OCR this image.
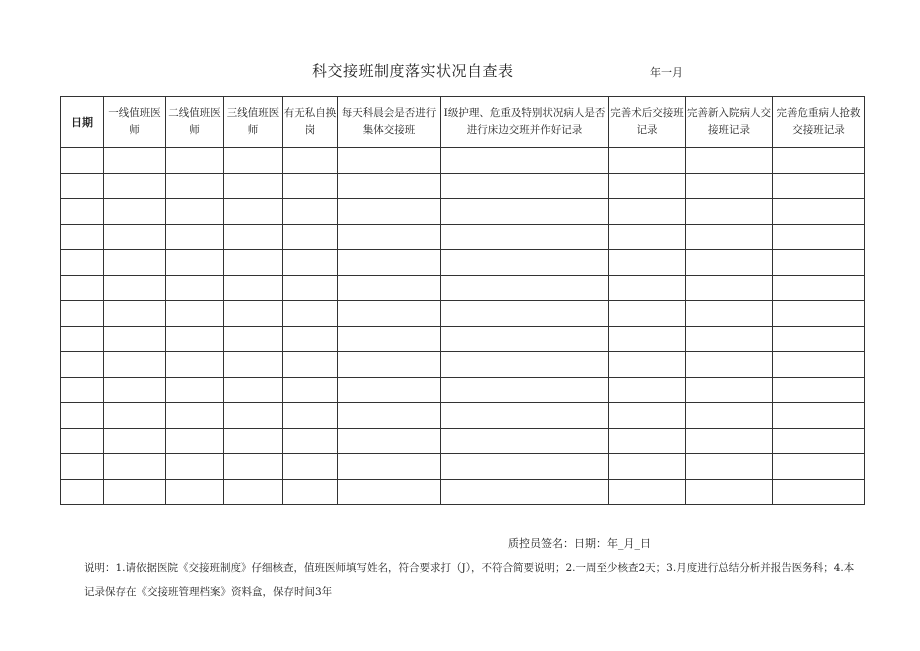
科交接班制度落实状况自查表	年一月
日期	一线值班医师	二线值班医师	三线值班医师	有无私自换岗	每天科晨会是否进行集体交接班	I级护理、危重及特别状况病人是否进行床边交班并作好记录	完善术后交接班记录	完善新入院病人交接班记录	完善危重病人抢救交接班记录

质控员签名：日期：年_月_日
说明：1.请依据医院《交接班制度》仔细核查，值班医师填写姓名，符合要求打（J），不符合简要说明；2.一周至少核查2天；3.月度进行总结分析并报告医务科；4.本记录保存在《交接班管理档案》资料盒，保存时间3年
